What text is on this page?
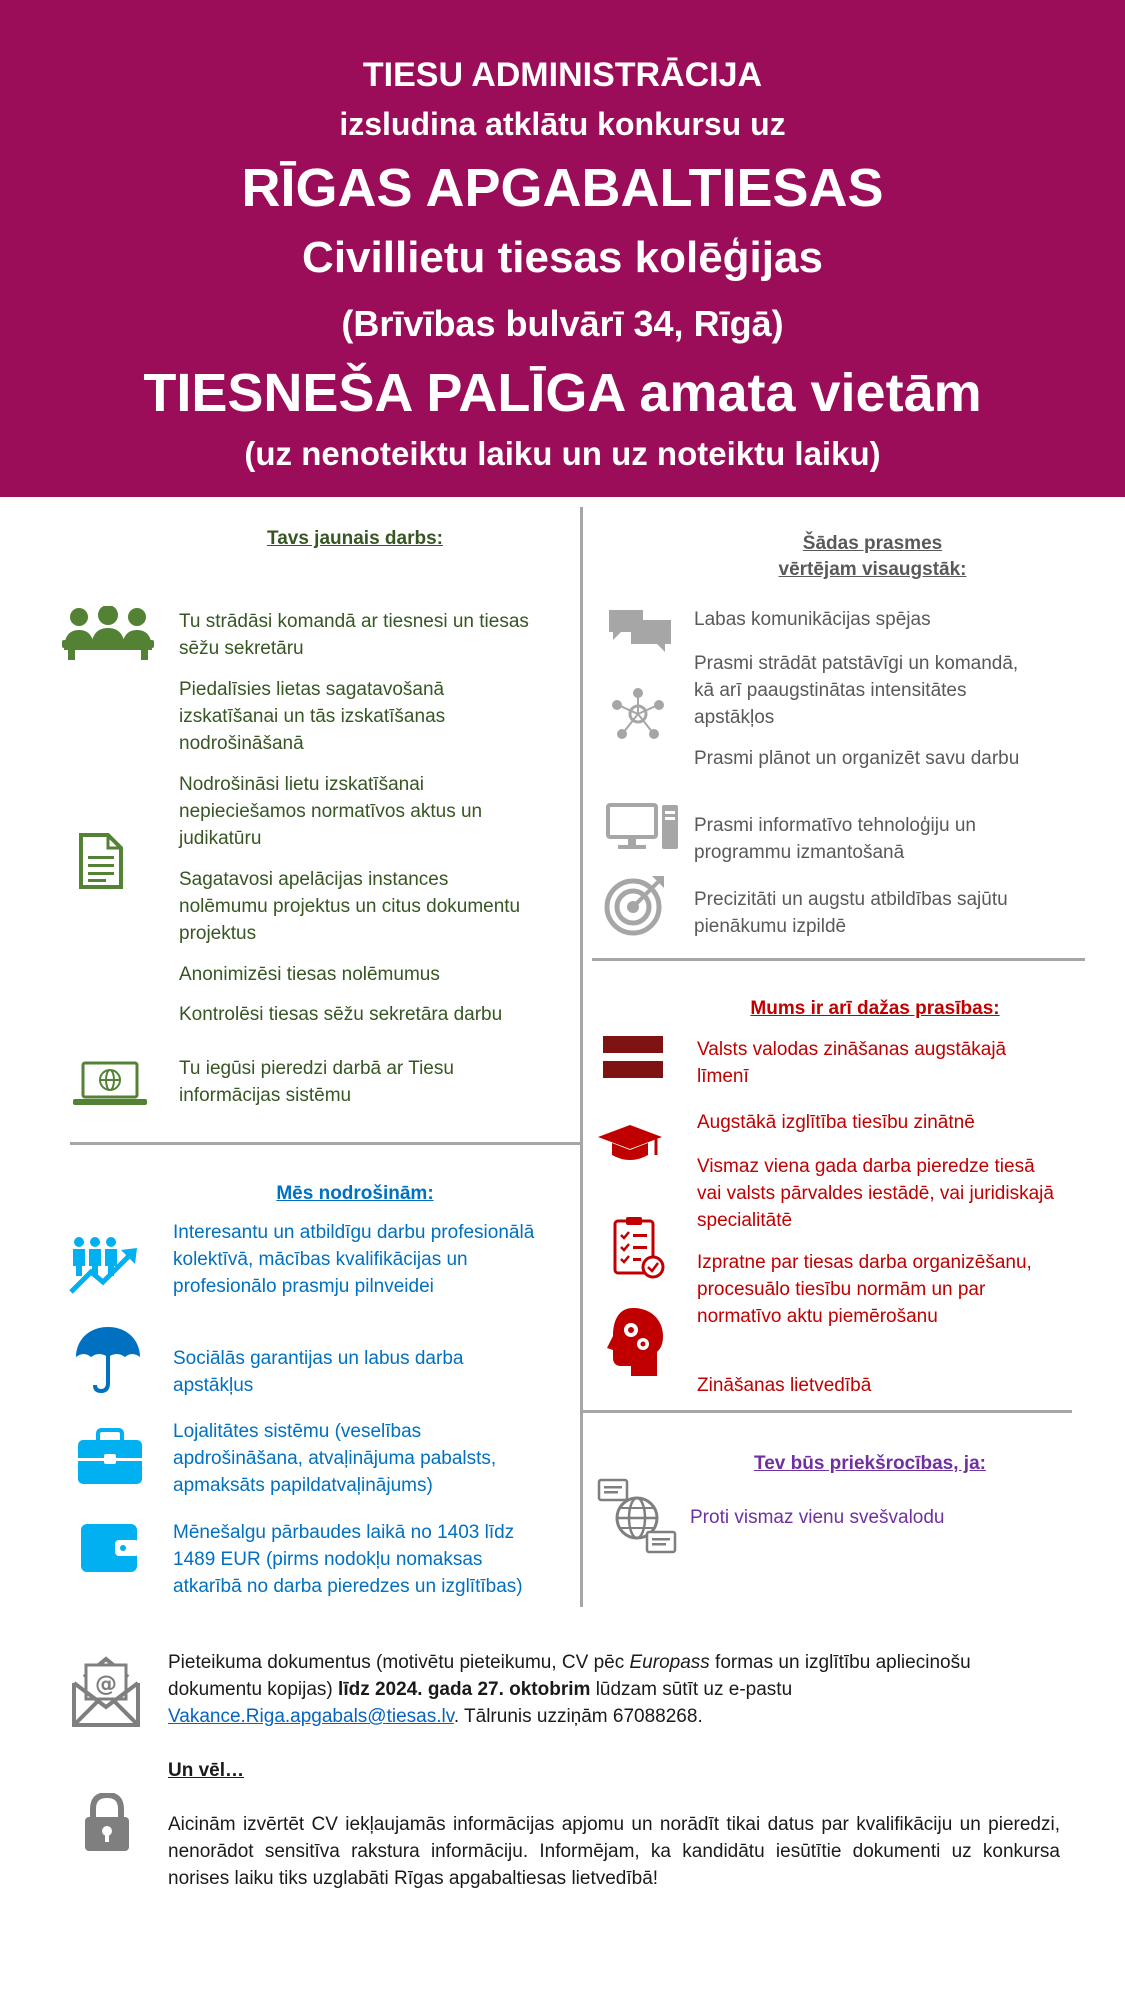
TIESU ADMINISTRĀCIJA
izsludina atklātu konkursu uz
RĪGAS APGABALTIESAS
Civillietu tiesas kolēģijas
(Brīvības bulvārī 34, Rīgā)
TIESNEŠA PALĪGA amata vietām
(uz nenoteiktu laiku un uz noteiktu laiku)
Tavs jaunais darbs:
Tu strādāsi komandā ar tiesnesi un tiesas sēžu sekretāru
Piedalīsies lietas sagatavošanā izskatīšanai un tās izskatīšanas nodrošināšanā
Nodrošināsi lietu izskatīšanai nepieciešamos normatīvos aktus un judikatūru
Sagatavosi apelācijas instances nolēmumu projektus un citus dokumentu projektus
Anonimizēsi tiesas nolēmumus
Kontrolēsi tiesas sēžu sekretāra darbu
Tu iegūsi pieredzi darbā ar Tiesu informācijas sistēmu
Šādas prasmes
vērtējam visaugstāk:
Labas komunikācijas spējas
Prasmi strādāt patstāvīgi un komandā, kā arī paaugstinātas intensitātes apstākļos
Prasmi plānot un organizēt savu darbu
Prasmi informatīvo tehnoloģiju un programmu izmantošanā
Precizitāti un augstu atbildības sajūtu pienākumu izpildē
Mums ir arī dažas prasības:
Valsts valodas zināšanas augstākajā līmenī
Augstākā izglītība tiesību zinātnē
Vismaz viena gada darba pieredze tiesā vai valsts pārvaldes iestādē, vai juridiskajā specialitātē
Izpratne par tiesas darba organizēšanu, procesuālo tiesību normām un par normatīvo aktu piemērošanu
Zināšanas lietvedībā
Tev būs priekšrocības, ja:
Proti vismaz vienu svešvalodu
Mēs nodrošinām:
Interesantu un atbildīgu darbu profesionālā kolektīvā, mācības kvalifikācijas un profesionālo prasmju pilnveidei
Sociālās garantijas un labus darba apstākļus
Lojalitātes sistēmu (veselības apdrošināšana, atvaļinājuma pabalsts, apmaksāts papildatvaļinājums)
Mēnešalgu pārbaudes laikā no 1403 līdz 1489 EUR (pirms nodokļu nomaksas atkarībā no darba pieredzes un izglītības)
@
Pieteikuma dokumentus (motivētu pieteikumu, CV pēc Europass formas un izglītību apliecinošu dokumentu kopijas) līdz 2024. gada 27. oktobrim lūdzam sūtīt uz e-pastu
Vakance.Riga.apgabals@tiesas.lv. Tālrunis uzziņām 67088268.
Un vēl…
Aicinām izvērtēt CV iekļaujamās informācijas apjomu un norādīt tikai datus par kvalifikāciju un pieredzi, nenorādot sensitīva rakstura informāciju. Informējam, ka kandidātu iesūtītie dokumenti uz konkursa norises laiku tiks uzglabāti Rīgas apgabaltiesas lietvedībā!
